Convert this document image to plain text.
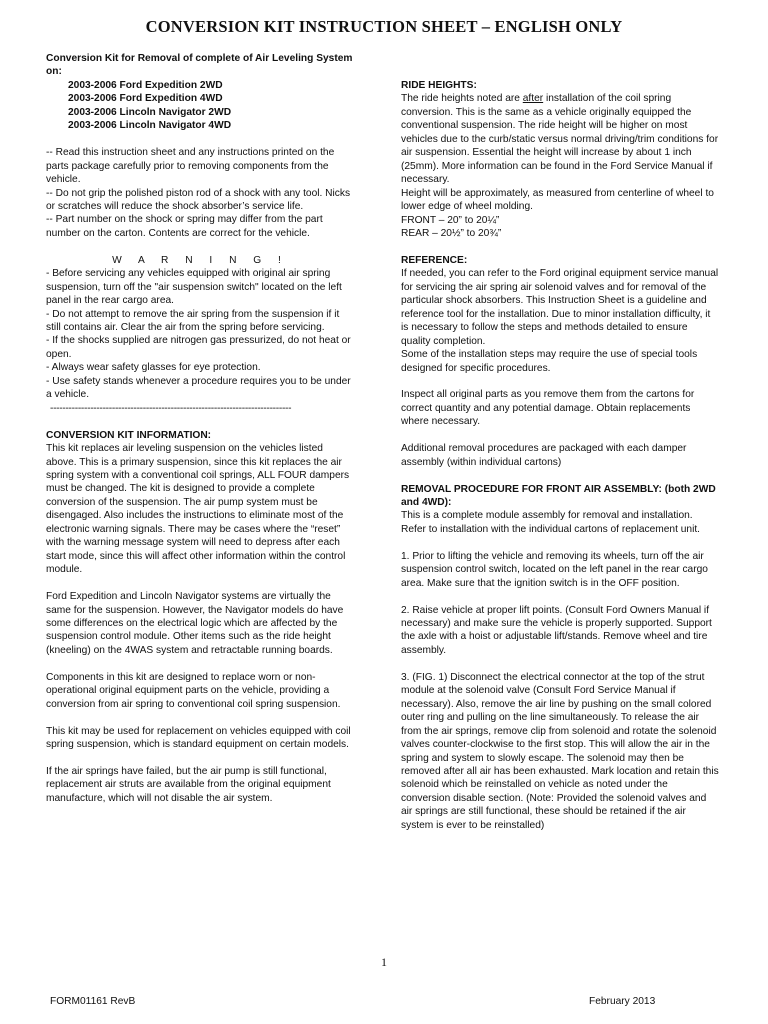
CONVERSION KIT INSTRUCTION SHEET – ENGLISH ONLY

Conversion Kit for Removal of complete of Air Leveling System on:

2003-2006 Ford Expedition 2WD

2003-2006 Ford Expedition 4WD

2003-2006 Lincoln Navigator 2WD

2003-2006 Lincoln Navigator 4WD

-- Read this instruction sheet and any instructions printed on the parts package carefully prior to removing components from the vehicle.
-- Do not grip the polished piston rod of a shock with any tool. Nicks or scratches will reduce the shock absorber’s service life.
-- Part number on the shock or spring may differ from the part number on the carton. Contents are correct for the vehicle.

W A R N I N G !

- Before servicing any vehicles equipped with original air spring suspension, turn off the "air suspension switch" located on the left panel in the rear cargo area.
- Do not attempt to remove the air spring from the suspension if it still contains air. Clear the air from the spring before servicing.
- If the shocks supplied are nitrogen gas pressurized, do not heat or open.
- Always wear safety glasses for eye protection.
- Use safety stands whenever a procedure requires you to be under a vehicle.

------------------------------------------------------------------------------

CONVERSION KIT INFORMATION:

This kit replaces air leveling suspension on the vehicles listed above. This is a primary suspension, since this kit replaces the air spring system with a conventional coil springs, ALL FOUR dampers must be changed. The kit is designed to provide a complete conversion of the suspension. The air pump system must be disengaged. Also includes the instructions to eliminate most of the electronic warning signals. There may be cases where the “reset” with the warning message system will need to depress after each start mode, since this will affect other information within the control module.

Ford Expedition and Lincoln Navigator systems are virtually the same for the suspension. However, the Navigator models do have some differences on the electrical logic which are affected by the suspension control module. Other items such as the ride height (kneeling) on the 4WAS system and retractable running boards.

Components in this kit are designed to replace worn or non-operational original equipment parts on the vehicle, providing a conversion from air spring to conventional coil spring suspension.

This kit may be used for replacement on vehicles equipped with coil spring suspension, which is standard equipment on certain models.

If the air springs have failed, but the air pump is still functional, replacement air struts are available from the original equipment manufacture, which will not disable the air system.

RIDE HEIGHTS:

The ride heights noted are after installation of the coil spring conversion. This is the same as a vehicle originally equipped the conventional suspension. The ride height will be higher on most vehicles due to the curb/static versus normal driving/trim conditions for air suspension. Essential the height will increase by about 1 inch (25mm). More information can be found in the Ford Service Manual if necessary.
Height will be approximately, as measured from centerline of wheel to lower edge of wheel molding.

FRONT – 20” to 20¼”

REAR – 20½” to 20¾”

REFERENCE:

If needed, you can refer to the Ford original equipment service manual for servicing the air spring air solenoid valves and for removal of the particular shock absorbers. This Instruction Sheet is a guideline and reference tool for the installation. Due to minor installation difficulty, it is necessary to follow the steps and methods detailed to ensure quality completion.
Some of the installation steps may require the use of special tools designed for specific procedures.

Inspect all original parts as you remove them from the cartons for correct quantity and any potential damage. Obtain replacements where necessary.

Additional removal procedures are packaged with each damper assembly (within individual cartons)

REMOVAL PROCEDURE FOR FRONT AIR ASSEMBLY: (both 2WD and 4WD):

This is a complete module assembly for removal and installation. Refer to installation with the individual cartons of replacement unit.

1. Prior to lifting the vehicle and removing its wheels, turn off the air suspension control switch, located on the left panel in the rear cargo area. Make sure that the ignition switch is in the OFF position.

2. Raise vehicle at proper lift points. (Consult Ford Owners Manual if necessary) and make sure the vehicle is properly supported. Support the axle with a hoist or adjustable lift/stands. Remove wheel and tire assembly.

3. (FIG. 1) Disconnect the electrical connector at the top of the strut module at the solenoid valve (Consult Ford Service Manual if necessary). Also, remove the air line by pushing on the small colored outer ring and pulling on the line simultaneously. To release the air from the air springs, remove clip from solenoid and rotate the solenoid valves counter-clockwise to the first stop. This will allow the air in the spring and system to slowly escape. The solenoid may then be removed after all air has been exhausted. Mark location and retain this solenoid which be reinstalled on vehicle as noted under the conversion disable section. (Note: Provided the solenoid valves and air springs are still functional, these should be retained if the air system is ever to be reinstalled)

1
FORM01161 RevB	February 2013
